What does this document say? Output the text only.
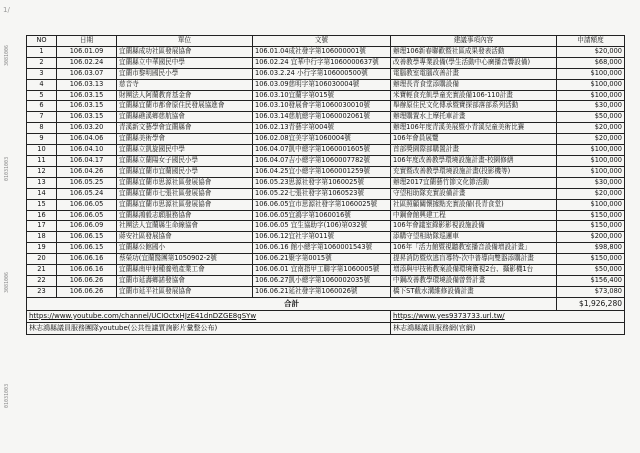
1/
01031003
3081006
01031003
3081006
NO	日期	單位	文號	建議事項內容	申請額度
1	106.01.09	宜蘭縣成功社區發展協會	106.01.04成社發字第106000001號	辦理106新春聯歡暨社區成果發表活動	$20,000
2	106.02.24	宜蘭縣立中華國民中學	106.02.24 宜華中行字第1060000637號	改善教學專業設備(學生活動中心廣播音響設備)	$68,000
3	106.03.07	宜蘭市黎明國民小學	106.03.2.24 小行字第106000500號	電腦教室電腦改善計畫	$100,000
4	106.03.13	慈音寺	106.03.09慈明字第106030004號	辦理長青食堂添購設備	$100,000
5	106.03.15	財團法人阿蘭教育基金會	106.03.10宜蘭字第015號	米寶輕食充飢學童充實設備106-110計畫	$100,000
6	106.03.15	宜蘭縣宜蘭市都會原住民發展協進會	106.03.10發展會字第1060030010號	舉辦原住民文化傳承暨寶探部落部系列活動	$30,000
7	106.03.15	宜蘭縣礁溪鄉慈航協會	106.03.14慈航總字第1060002061號	辦理購置水上摩托車計畫	$50,000
8	106.03.20	青溪新文藝學會宜蘭縣會	106.02.13青藝字第004號	辦理106年度青溪美展暨小青溪兒童美術比賽	$20,000
9	106.04.06	宜蘭縣美術學會	106.02.08宜美字第1060004號	106年會員展覽	$20,000
10	106.04.10	宜蘭縣立凱旋國民中學	106.04.07凱中總字第1060001605號	首部獎園際部購置計畫	$100,000
11	106.04.17	宜蘭縣立蘭陽女子國民小學	106.04.07吉小總字第1060007782號	106年度改善教學環境設施計畫-校園修繕	$100,000
12	106.04.26	宜蘭縣宜蘭市宜蘭國民小學	106.04.25宜小總字第1060001259號	充實暨改善教學環境設施計畫(投影機等)	$100,000
13	106.05.25	宜蘭縣宜蘭市思源社區發展協會	106.05.23思源社發字第1060025號	辦理2017宜蘭藝竹節文化節活動	$30,000
14	106.05.24	宜蘭縣宜蘭市七張社區發展協會	106.05.22七張社發字第1060523號	守望相助隊充實設備計畫	$20,000
15	106.06.05	宜蘭縣宜蘭市思源社區發展協會	106.06.05宜市思源社發字第1060025號	社區照顧關懷據點充實設備(長青食堂)	$100,000
16	106.06.05	宜蘭縣鴻毅志願服務協會	106.06.05宜鴻字第1060016號	中鋼會館興建工程	$150,000
17	106.06.09	社團法人宜蘭縣生命線協會	106.06.05 宜生協助字(106)第032號	106年會議室錄影影視設施設備	$150,000
18	106.06.15	蔣安社區發展協會	106.06.12宜社字第011號	添購守望相助隊巡邏車	$200,000
19	106.06.15	宜蘭縣公館國小	106.06.16 館小總字第1060001543號	106年「活力館暨視聽教室播音設備增設計畫」	$98,800
20	106.06.16	蔡榮功(宜蘭醫團第1050902-2號	106.06.21聚字第0015號	提昇消防暨炊逃盲導特-次中普導向雙器添購計畫	$150,000
21	106.06.16	宜蘭縣南甲射種養殖產業工會	106.06.01 宜南指甲工聯字第1060005號	增添與甲技術教案設備環境衛視2台、攝影機1台	$50,000
22	106.06.26	宜蘭市延壽鄉諾發協會	106.06.27凱小總字第1060002035號	中鋼改善教學環境設備曾營計畫	$156,400
23	106.06.26	宜蘭市延平社區發展協會	106.06.21延社發字第1060026號	橋下ST截水溝維修設備計畫	$73,080
合計					$1,926,280
https://www.youtube.com/channel/UCIOctxHJzE41dnDZGE8gSYw				https://www.yes9373733.url.tw/	
林志鴻縣議員服務團隊youtube(公共性議質詢影片彙整公布)				林志鴻縣議員服務網(官網)	
